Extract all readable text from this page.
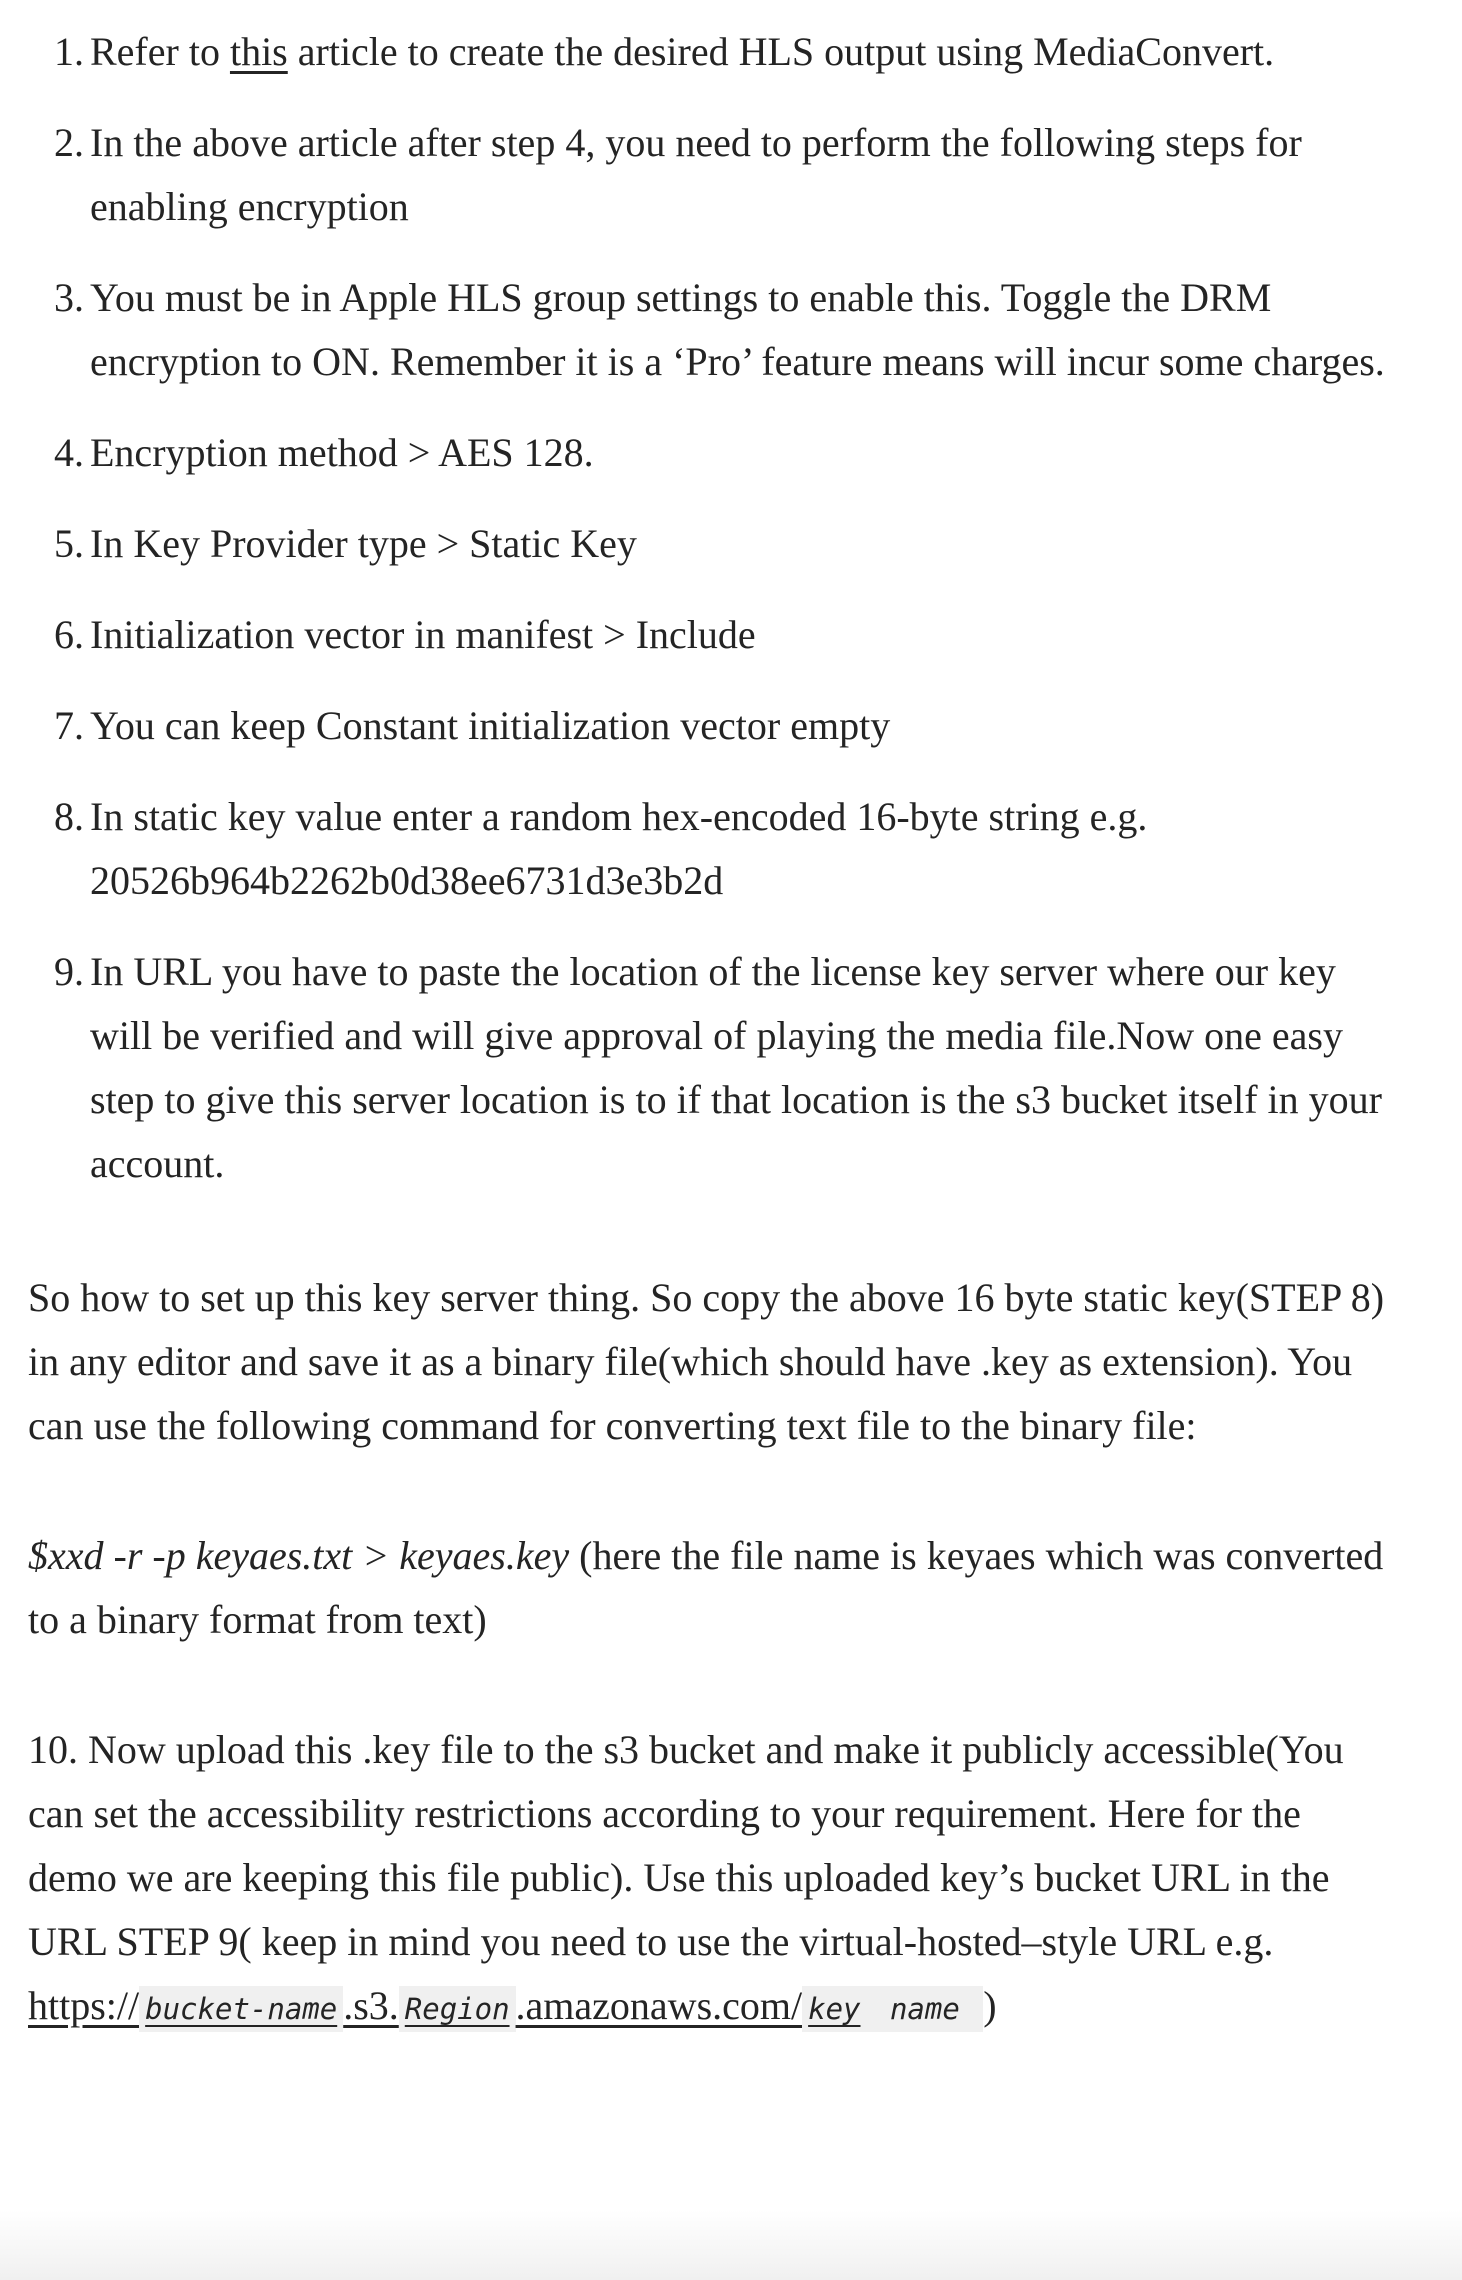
1. Refer to this article to create the desired HLS output using MediaConvert.
2. In the above article after step 4, you need to perform the following steps for enabling encryption
3. You must be in Apple HLS group settings to enable this. Toggle the DRM encryption to ON. Remember it is a ‘Pro’ feature means will incur some charges.
4. Encryption method > AES 128.
5. In Key Provider type > Static Key
6. Initialization vector in manifest > Include
7. You can keep Constant initialization vector empty
8. In static key value enter a random hex-encoded 16-byte string e.g. 20526b964b2262b0d38ee6731d3e3b2d
9. In URL you have to paste the location of the license key server where our key will be verified and will give approval of playing the media file.Now one easy step to give this server location is to if that location is the s3 bucket itself in your account.

So how to set up this key server thing. So copy the above 16 byte static key(STEP 8) in any editor and save it as a binary file(which should have .key as extension). You can use the following command for converting text file to the binary file:

$xxd -r -p keyaes.txt > keyaes.key (here the file name is keyaes which was converted to a binary format from text)

10. Now upload this .key file to the s3 bucket and make it publicly accessible(You can set the accessibility restrictions according to your requirement. Here for the demo we are keeping this file public). Use this uploaded key’s bucket URL in the URL STEP 9( keep in mind you need to use the virtual-hosted–style URL e.g. https:// bucket-name .s3. Region .amazonaws.com/ key name )
